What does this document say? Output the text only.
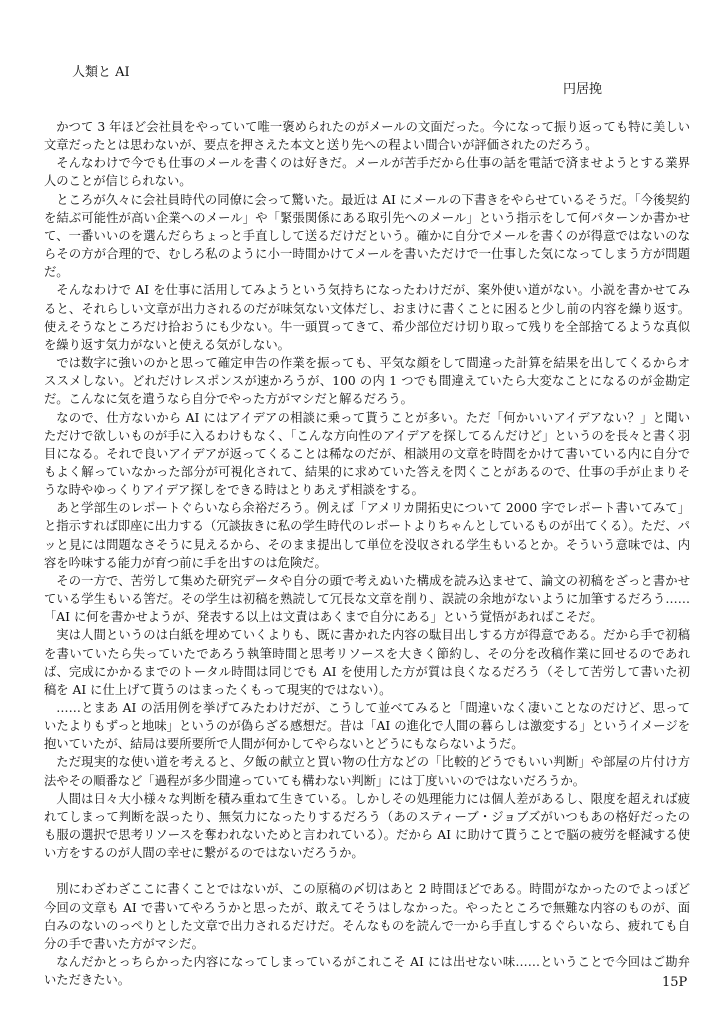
人類と AI
円居挽

かつて 3 年ほど会社員をやっていて唯一褒められたのがメールの文面だった。今になって振り返っても特に美しい文章だったとは思わないが、要点を押さえた本文と送り先への程よい間合いが評価されたのだろう。

そんなわけで今でも仕事のメールを書くのは好きだ。メールが苦手だから仕事の話を電話で済ませようとする業界人のことが信じられない。

ところが久々に会社員時代の同僚に会って驚いた。最近は AI にメールの下書きをやらせているそうだ。「今後契約を結ぶ可能性が高い企業へのメール」や「緊張関係にある取引先へのメール」という指示をして何パターンか書かせて、一番いいのを選んだらちょっと手直しして送るだけだという。確かに自分でメールを書くのが得意ではないのならその方が合理的で、むしろ私のように小一時間かけてメールを書いただけで一仕事した気になってしまう方が問題だ。

そんなわけで AI を仕事に活用してみようという気持ちになったわけだが、案外使い道がない。小説を書かせてみると、それらしい文章が出力されるのだが味気ない文体だし、おまけに書くことに困ると少し前の内容を繰り返す。使えそうなところだけ拾おうにも少ない。牛一頭買ってきて、希少部位だけ切り取って残りを全部捨てるような真似を繰り返す気力がないと使える気がしない。

では数字に強いのかと思って確定申告の作業を振っても、平気な顔をして間違った計算を結果を出してくるからオススメしない。どれだけレスポンスが速かろうが、100 の内 1 つでも間違えていたら大変なことになるのが金勘定だ。こんなに気を遣うなら自分でやった方がマシだと解るだろう。

なので、仕方ないから AI にはアイデアの相談に乗って貰うことが多い。ただ「何かいいアイデアない？」と聞いただけで欲しいものが手に入るわけもなく、「こんな方向性のアイデアを探してるんだけど」というのを長々と書く羽目になる。それで良いアイデアが返ってくることは稀なのだが、相談用の文章を時間をかけて書いている内に自分でもよく解っていなかった部分が可視化されて、結果的に求めていた答えを閃くことがあるので、仕事の手が止まりそうな時やゆっくりアイデア探しをできる時はとりあえず相談をする。

あと学部生のレポートぐらいなら余裕だろう。例えば「アメリカ開拓史について 2000 字でレポート書いてみて」と指示すれば即座に出力する（冗談抜きに私の学生時代のレポートよりちゃんとしているものが出てくる）。ただ、パッと見には問題なさそうに見えるから、そのまま提出して単位を没収される学生もいるとか。そういう意味では、内容を吟味する能力が育つ前に手を出すのは危険だ。

その一方で、苦労して集めた研究データや自分の頭で考えぬいた構成を読み込ませて、論文の初稿をざっと書かせている学生もいる筈だ。その学生は初稿を熟読して冗長な文章を削り、誤読の余地がないように加筆するだろう……「AI に何を書かせようが、発表する以上は文責はあくまで自分にある」という覚悟があればこそだ。

実は人間というのは白紙を埋めていくよりも、既に書かれた内容の駄目出しする方が得意である。だから手で初稿を書いていたら失っていたであろう執筆時間と思考リソースを大きく節約し、その分を改稿作業に回せるのであれば、完成にかかるまでのトータル時間は同じでも AI を使用した方が質は良くなるだろう（そして苦労して書いた初稿を AI に仕上げて貰うのはまったくもって現実的ではない）。

……とまあ AI の活用例を挙げてみたわけだが、こうして並べてみると「間違いなく凄いことなのだけど、思っていたよりもずっと地味」というのが偽らざる感想だ。昔は「AI の進化で人間の暮らしは激変する」というイメージを抱いていたが、結局は要所要所で人間が何かしてやらないとどうにもならないようだ。

ただ現実的な使い道を考えると、夕飯の献立と買い物の仕方などの「比較的どうでもいい判断」や部屋の片付け方法やその順番など「過程が多少間違っていても構わない判断」には丁度いいのではないだろうか。

人間は日々大小様々な判断を積み重ねて生きている。しかしその処理能力には個人差があるし、限度を超えれば疲れてしまって判断を誤ったり、無気力になったりするだろう（あのスティーブ・ジョブズがいつもあの格好だったのも服の選択で思考リソースを奪われないためと言われている）。だから AI に助けて貰うことで脳の疲労を軽減する使い方をするのが人間の幸せに繋がるのではないだろうか。

別にわざわざここに書くことではないが、この原稿の〆切はあと 2 時間ほどである。時間がなかったのでよっぽど今回の文章も AI で書いてやろうかと思ったが、敢えてそうはしなかった。やったところで無難な内容のものが、面白みのないのっぺりとした文章で出力されるだけだ。そんなものを読んで一から手直しするぐらいなら、疲れても自分の手で書いた方がマシだ。

なんだかとっちらかった内容になってしまっているがこれこそ AI には出せない味……ということで今回はご勘弁いただきたい。	15P
